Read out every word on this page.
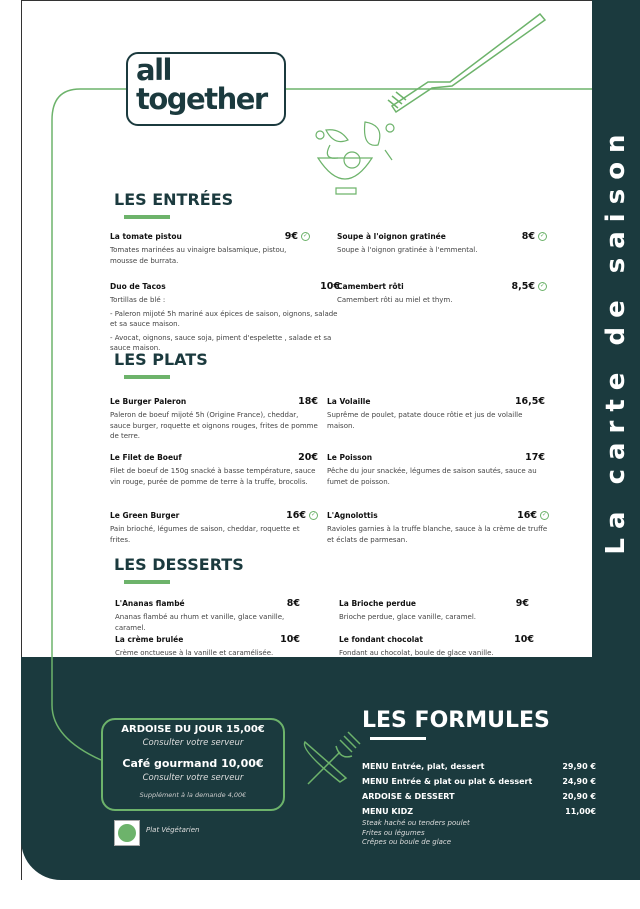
La carte de saison
all
together
LES ENTRÉES
LES PLATS
LES DESSERTS
La tomate pistou	9€ ✓
Tomates marinées au vinaigre balsamique, pistou, mousse de burrata.
Soupe à l'oignon gratinée	8€ ✓
Soupe à l'oignon gratinée à l'emmental.
Duo de Tacos	10€
Tortillas de blé :
- Paleron mijoté 5h mariné aux épices de saison, oignons, salade et sa sauce maison.
- Avocat, oignons, sauce soja, piment d'espelette , salade et sa sauce maison.
Camembert rôti	8,5€ ✓
Camembert rôti au miel et thym.
Le Burger Paleron	18€
Paleron de boeuf mijoté 5h (Origine France), cheddar, sauce burger, roquette et oignons rouges, frites de pomme de terre.
La Volaille	16,5€
Suprême de poulet, patate douce rôtie et jus de volaille maison.
Le Filet de Boeuf	20€
Filet de boeuf de 150g snacké à basse température, sauce vin rouge, purée de pomme de terre à la truffe, brocolis.
Le Poisson	17€
Pêche du jour snackée, légumes de saison sautés, sauce au fumet de poisson.
Le Green Burger	16€ ✓
Pain brioché, légumes de saison, cheddar, roquette et frites.
L'Agnolottis	16€ ✓
Ravioles garnies à la truffe blanche, sauce à la crème de truffe et éclats de parmesan.
L'Ananas flambé	8€
Ananas flambé au rhum et vanille, glace vanille, caramel.
La Brioche perdue	9€
Brioche perdue, glace vanille, caramel.
La crème brulée	10€
Crème onctueuse à la vanille et caramélisée.
Le fondant chocolat	10€
Fondant au chocolat, boule de glace vanille.
ARDOISE DU JOUR 15,00€
Consulter votre serveur
Café gourmand 10,00€
Consulter votre serveur
Supplément à la demande 4,00€
Plat Végétarien
LES FORMULES
MENU Entrée, plat, dessert	29,90 €
MENU Entrée & plat ou plat & dessert	24,90 €
ARDOISE & DESSERT	20,90 €
MENU KIDZ	11,00€
Steak haché ou tenders poulet
Frites ou légumes
Crêpes ou boule de glace
